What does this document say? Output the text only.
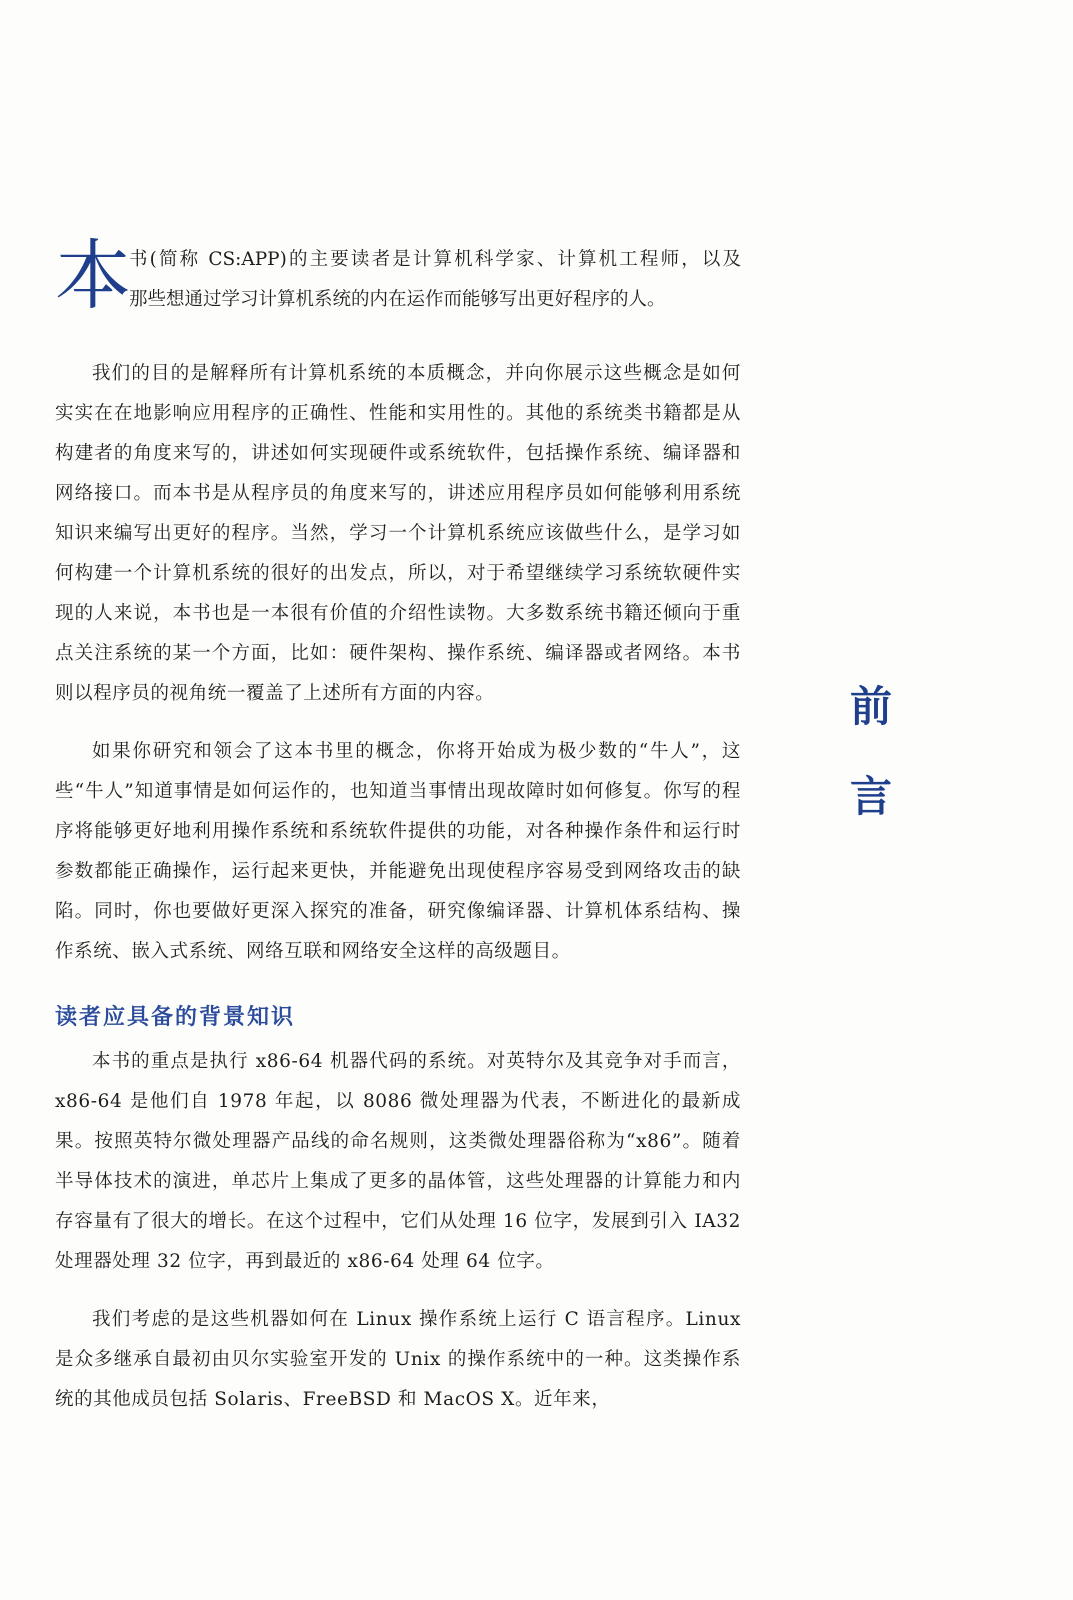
本
书(简称 CS:APP)的主要读者是计算机科学家、计算机工程师，以及
那些想通过学习计算机系统的内在运作而能够写出更好程序的人。

我们的目的是解释所有计算机系统的本质概念，并向你展示这些概念是如何实实在在地影响应用程序的正确性、性能和实用性的。其他的系统类书籍都是从构建者的角度来写的，讲述如何实现硬件或系统软件，包括操作系统、编译器和网络接口。而本书是从程序员的角度来写的，讲述应用程序员如何能够利用系统知识来编写出更好的程序。当然，学习一个计算机系统应该做些什么，是学习如何构建一个计算机系统的很好的出发点，所以，对于希望继续学习系统软硬件实现的人来说，本书也是一本很有价值的介绍性读物。大多数系统书籍还倾向于重点关注系统的某一个方面，比如：硬件架构、操作系统、编译器或者网络。本书则以程序员的视角统一覆盖了上述所有方面的内容。

如果你研究和领会了这本书里的概念，你将开始成为极少数的“牛人”，这些“牛人”知道事情是如何运作的，也知道当事情出现故障时如何修复。你写的程序将能够更好地利用操作系统和系统软件提供的功能，对各种操作条件和运行时参数都能正确操作，运行起来更快，并能避免出现使程序容易受到网络攻击的缺陷。同时，你也要做好更深入探究的准备，研究像编译器、计算机体系结构、操作系统、嵌入式系统、网络互联和网络安全这样的高级题目。

读者应具备的背景知识

本书的重点是执行 x86-64 机器代码的系统。对英特尔及其竞争对手而言，x86-64 是他们自 1978 年起，以 8086 微处理器为代表，不断进化的最新成果。按照英特尔微处理器产品线的命名规则，这类微处理器俗称为“x86”。随着半导体技术的演进，单芯片上集成了更多的晶体管，这些处理器的计算能力和内存容量有了很大的增长。在这个过程中，它们从处理 16 位字，发展到引入 IA32 处理器处理 32 位字，再到最近的 x86-64 处理 64 位字。

我们考虑的是这些机器如何在 Linux 操作系统上运行 C 语言程序。Linux 是众多继承自最初由贝尔实验室开发的 Unix 的操作系统中的一种。这类操作系统的其他成员包括 Solaris、FreeBSD 和 MacOS X。近年来，

前
言
